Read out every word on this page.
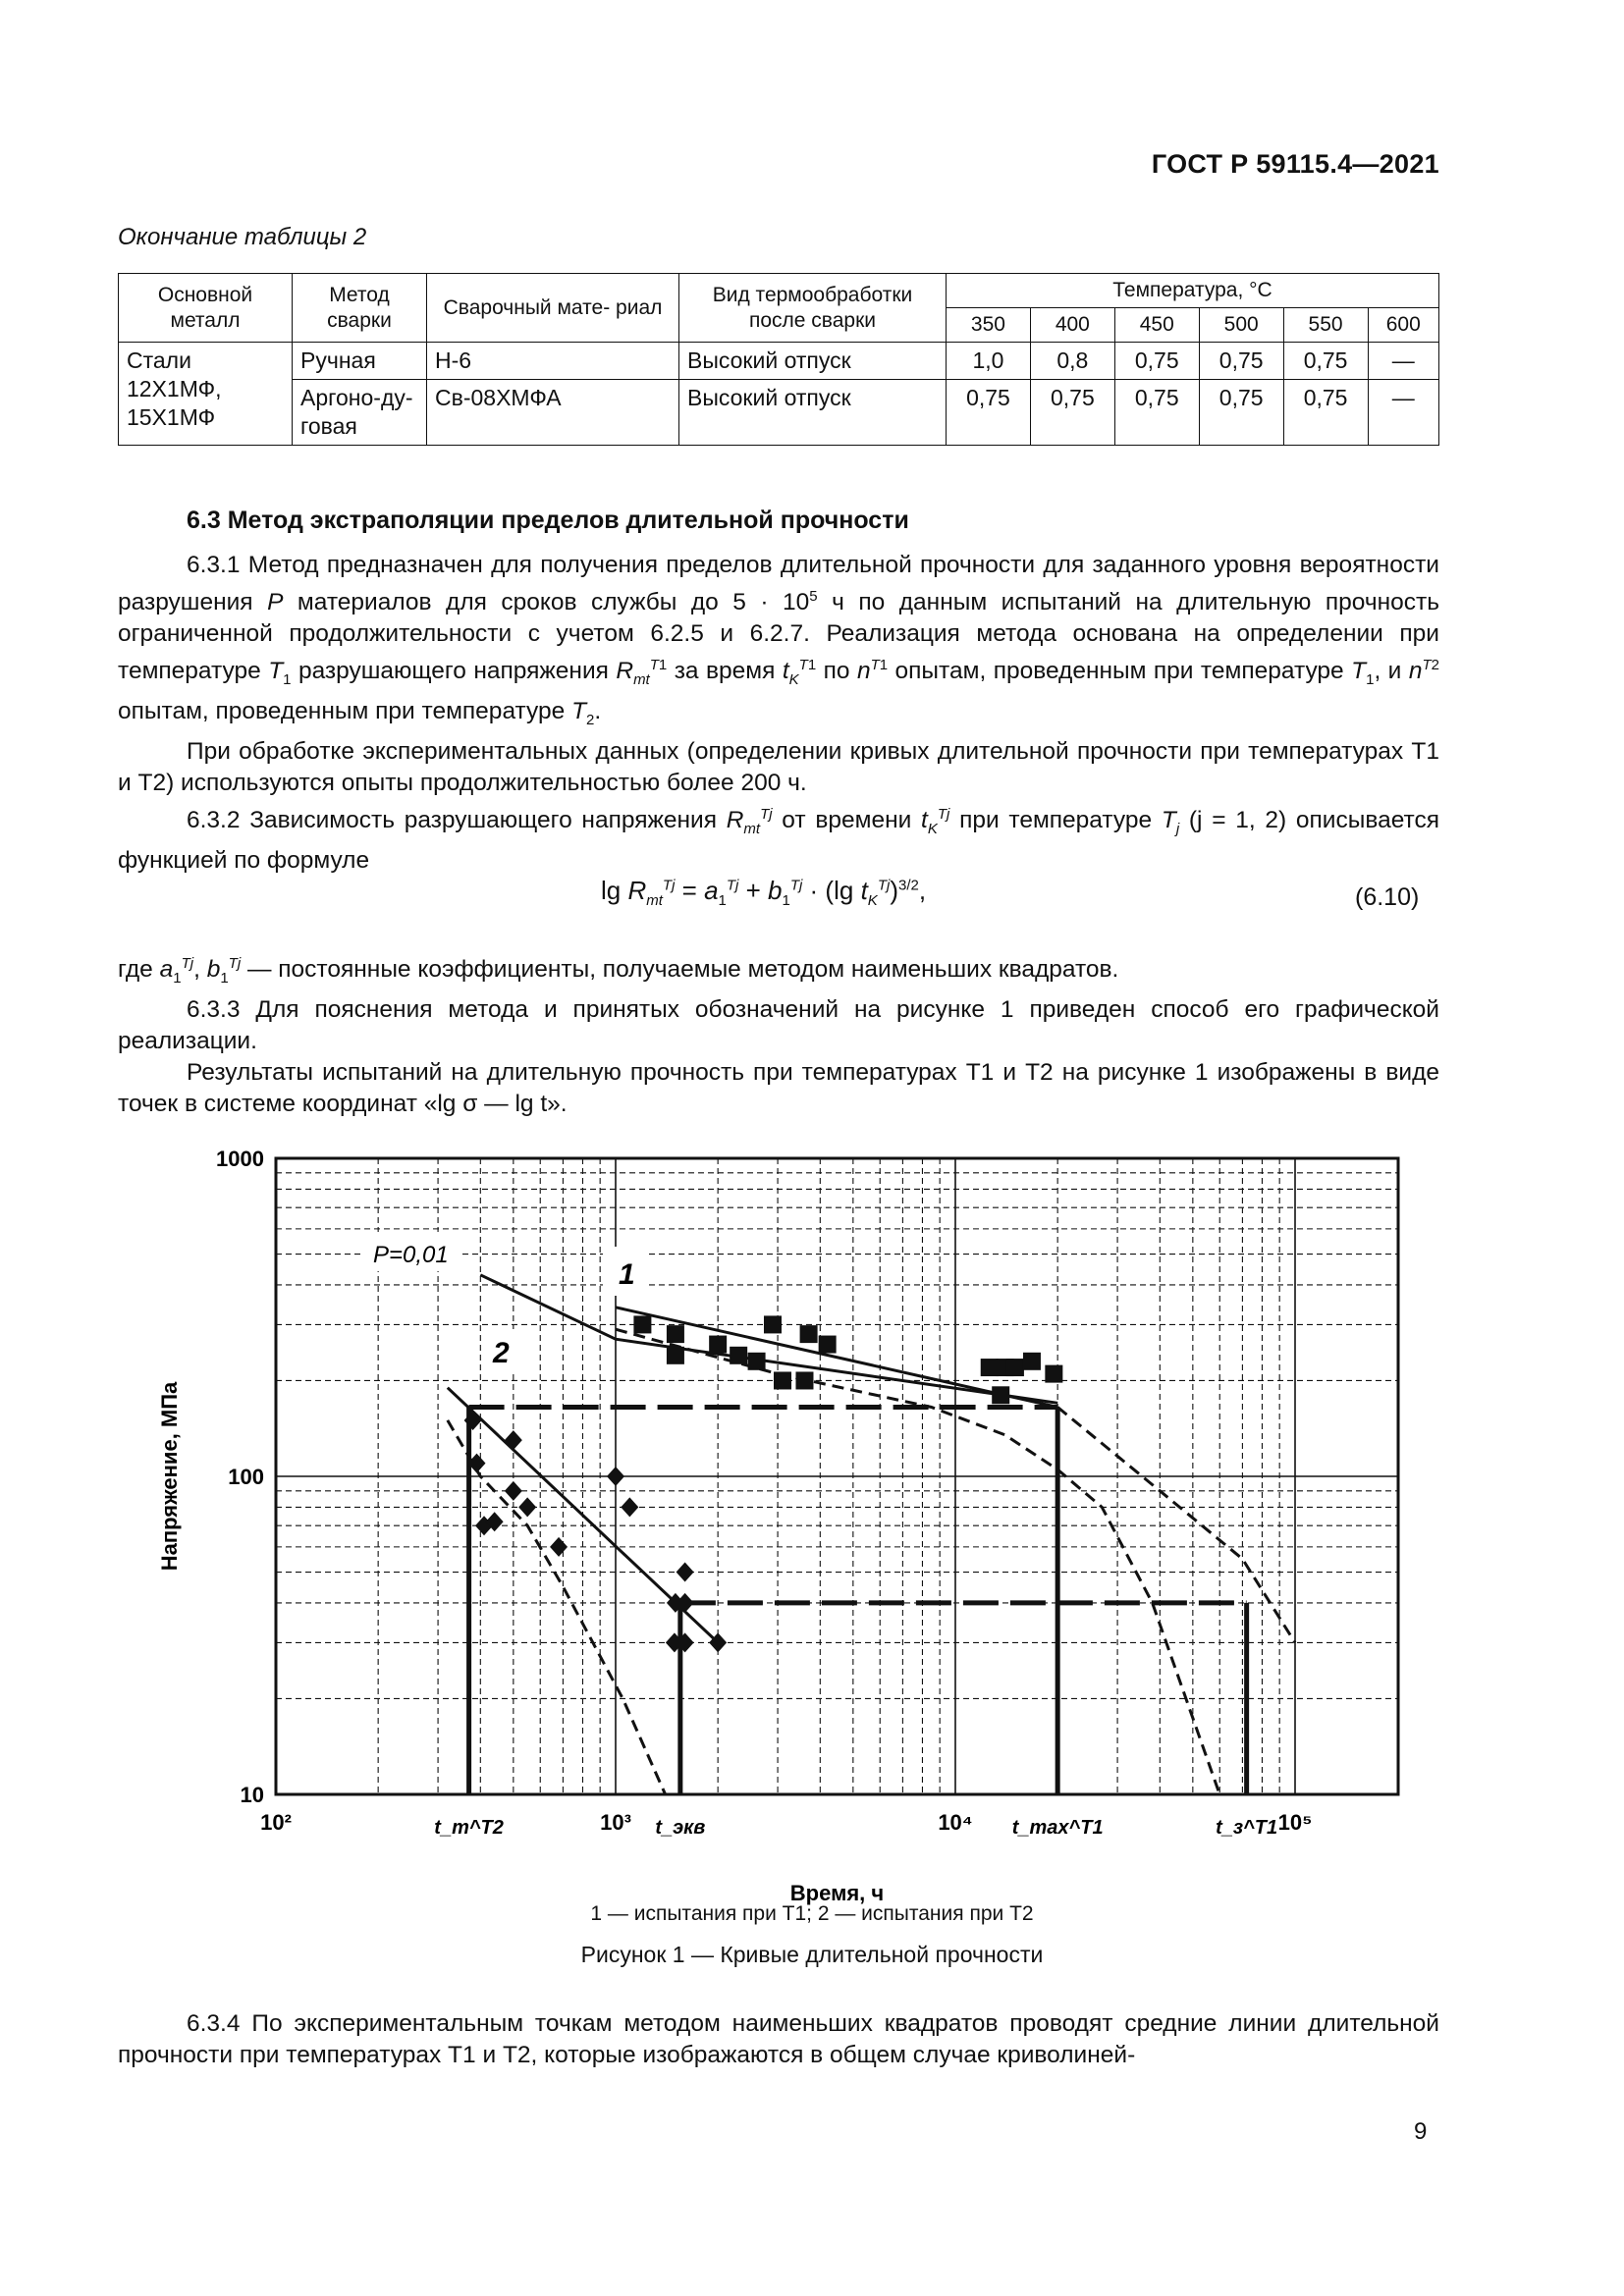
ГОСТ Р 59115.4—2021
Окончание таблицы 2
Основной металл	Метод сварки	Сварочный мате- риал	Вид термообработки после сварки	Температура, °C					
				350	400	450	500	550	600
Стали 12Х1МФ, 15Х1МФ	Ручная	Н-6	Высокий отпуск	1,0	0,8	0,75	0,75	0,75	—
	Аргоно-ду- говая	Св-08ХМФА	Высокий отпуск	0,75	0,75	0,75	0,75	0,75	—
6.3 Метод экстраполяции пределов длительной прочности

6.3.1 Метод предназначен для получения пределов длительной прочности для заданного уровня вероятности разрушения P материалов для сроков службы до $5 \cdot 10^5$ ч по данным испытаний на длительную прочность ограниченной продолжительности с учетом 6.2.5 и 6.2.7. Реализация метода основана на определении при температуре $T_1$ разрушающего напряжения $R_{mt}^{T1}$ за время $t_K^{T1}$ по $n^{T1}$ опытам, проведенным при температуре $T_1$, и $n^{T2}$ опытам, проведенным при температуре $T_2$.

При обработке экспериментальных данных (определении кривых длительной прочности при температурах T1 и T2) используются опыты продолжительностью более 200 ч.

6.3.2 Зависимость разрушающего напряжения $R_{mt}^{Tj}$ от времени $t_K^{Tj}$ при температуре $T_j$ (j = 1, 2) описывается функцией по формуле

$\lg R_{mt}^{Tj} = a_1^{Tj} + b_1^{Tj} \cdot (\lg$ $t_K^{Tj})^{3/2}$,	(6.10)

где $a_1^{Tj}$, $b_1^{Tj}$ — постоянные коэффициенты, получаемые методом наименьших квадратов.

6.3.3 Для пояснения метода и принятых обозначений на рисунке 1 приведен способ его графической реализации.

Результаты испытаний на длительную прочность при температурах T1 и T2 на рисунке 1 изображены в виде точек в системе координат «lg σ — lg t».

1000
100
10
10²	10³	10⁴	10⁵
Время, ч
Напряжение, МПа
P=0,01
1
2
t_m^T2	t_экв	t_max^T1	t_з^T1
1 — испытания при T1; 2 — испытания при T2
Рисунок 1 — Кривые длительной прочности

6.3.4 По экспериментальным точкам методом наименьших квадратов проводят средние линии длительной прочности при температурах T1 и T2, которые изображаются в общем случае криволиней-

9
